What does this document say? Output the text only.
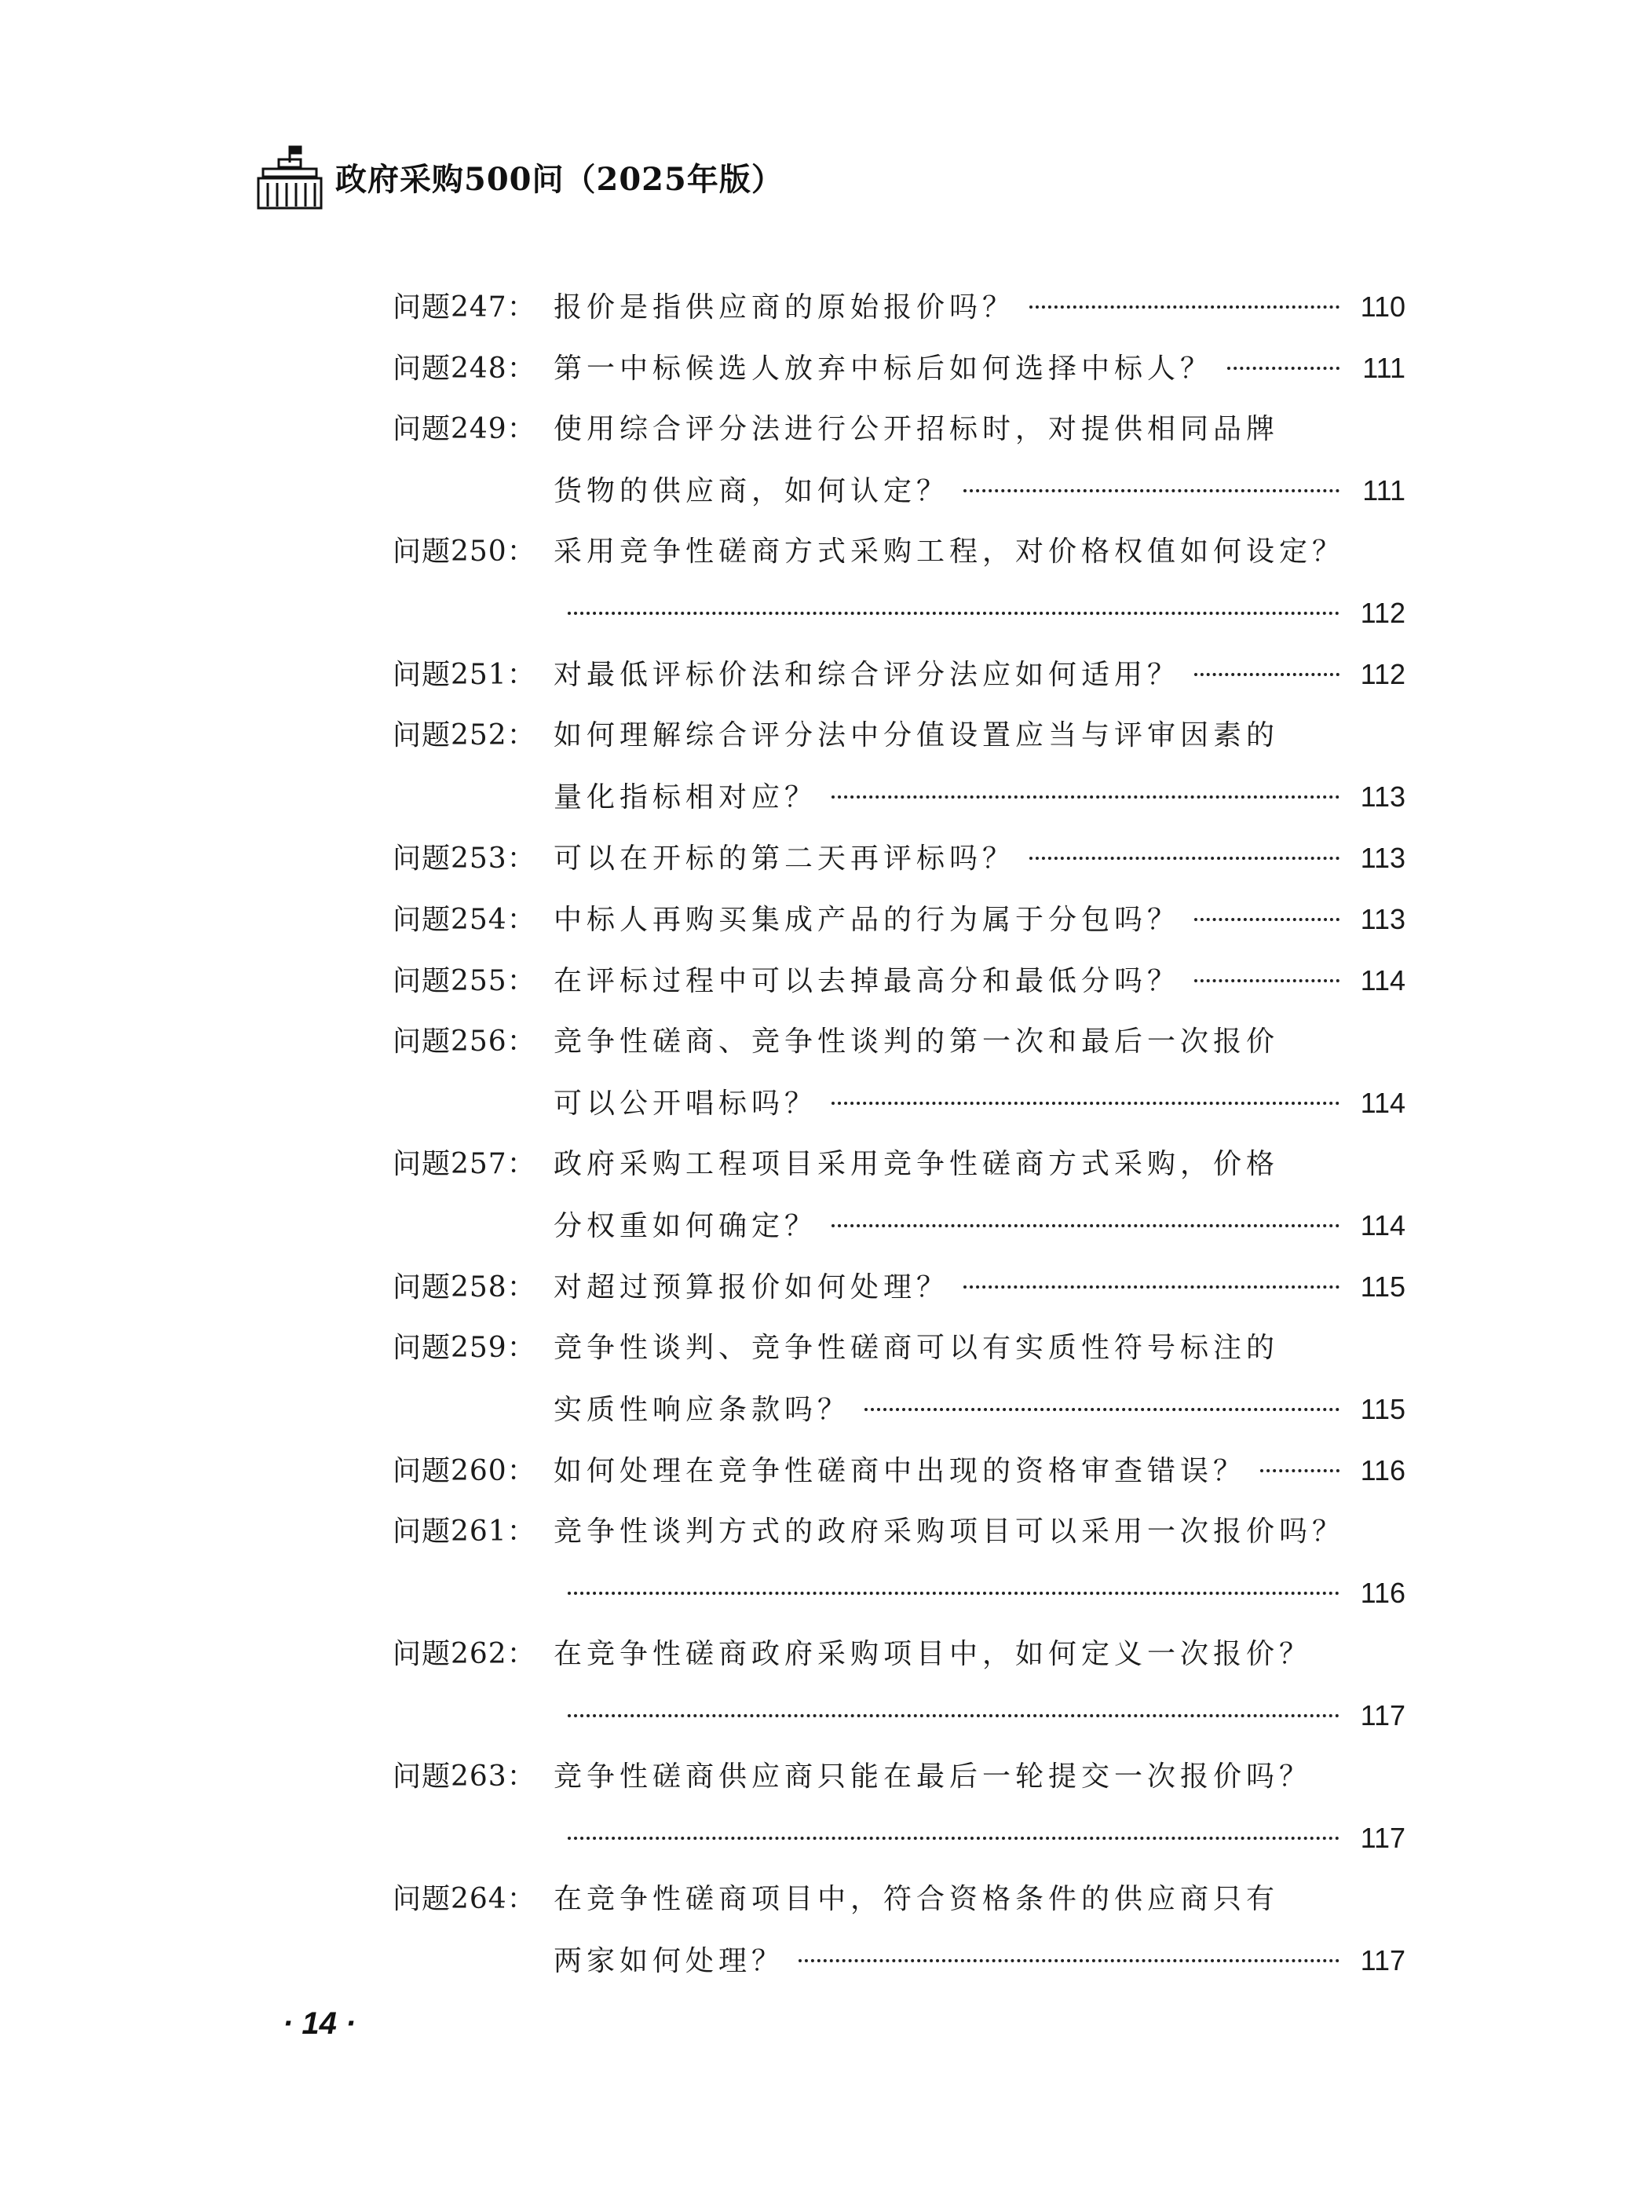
政府采购500问（2025年版）
问题247： 报价是指供应商的原始报价吗？	110
问题248： 第一中标候选人放弃中标后如何选择中标人？	111
问题249： 使用综合评分法进行公开招标时，对提供相同品牌
货物的供应商，如何认定？	111
问题250： 采用竞争性磋商方式采购工程，对价格权值如何设定？
112
问题251： 对最低评标价法和综合评分法应如何适用？	112
问题252： 如何理解综合评分法中分值设置应当与评审因素的
量化指标相对应？	113
问题253： 可以在开标的第二天再评标吗？	113
问题254： 中标人再购买集成产品的行为属于分包吗？	113
问题255： 在评标过程中可以去掉最高分和最低分吗？	114
问题256： 竞争性磋商、竞争性谈判的第一次和最后一次报价
可以公开唱标吗？	114
问题257： 政府采购工程项目采用竞争性磋商方式采购，价格
分权重如何确定？	114
问题258： 对超过预算报价如何处理？	115
问题259： 竞争性谈判、竞争性磋商可以有实质性符号标注的
实质性响应条款吗？	115
问题260： 如何处理在竞争性磋商中出现的资格审查错误？	116
问题261： 竞争性谈判方式的政府采购项目可以采用一次报价吗？
116
问题262： 在竞争性磋商政府采购项目中，如何定义一次报价？
117
问题263： 竞争性磋商供应商只能在最后一轮提交一次报价吗？
117
问题264： 在竞争性磋商项目中，符合资格条件的供应商只有
两家如何处理？	117
· 14 ·
